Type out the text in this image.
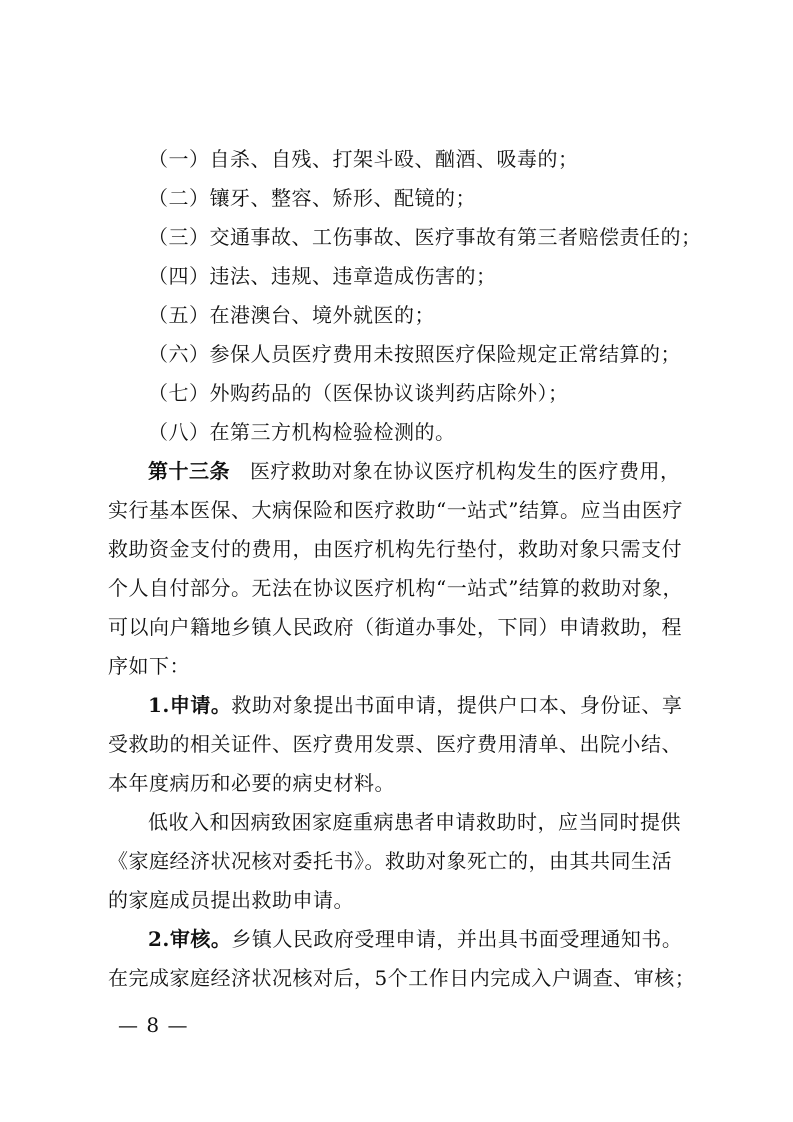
（一）自杀、自残、打架斗殴、酗酒、吸毒的；

（二）镶牙、整容、矫形、配镜的；

（三）交通事故、工伤事故、医疗事故有第三者赔偿责任的；

（四）违法、违规、违章造成伤害的；

（五）在港澳台、境外就医的；

（六）参保人员医疗费用未按照医疗保险规定正常结算的；

（七）外购药品的（医保协议谈判药店除外）；

（八）在第三方机构检验检测的。

第十三条 医疗救助对象在协议医疗机构发生的医疗费用，

实行基本医保、大病保险和医疗救助“一站式”结算。应当由医疗

救助资金支付的费用，由医疗机构先行垫付，救助对象只需支付

个人自付部分。无法在协议医疗机构“一站式”结算的救助对象，

可以向户籍地乡镇人民政府（街道办事处，下同）申请救助，程

序如下：

1.申请。救助对象提出书面申请，提供户口本、身份证、享

受救助的相关证件、医疗费用发票、医疗费用清单、出院小结、

本年度病历和必要的病史材料。

低收入和因病致困家庭重病患者申请救助时，应当同时提供

《家庭经济状况核对委托书》。救助对象死亡的，由其共同生活

的家庭成员提出救助申请。

2.审核。乡镇人民政府受理申请，并出具书面受理通知书。

在完成家庭经济状况核对后，5个工作日内完成入户调查、审核；

— 8 —
